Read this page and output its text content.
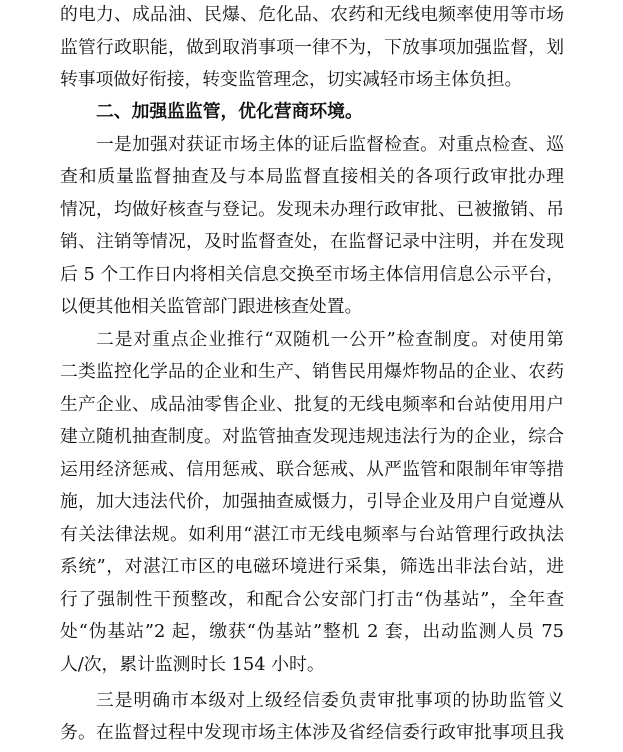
的电力、成品油、民爆、危化品、农药和无线电频率使用等市场
监管行政职能，做到取消事项一律不为，下放事项加强监督，划
转事项做好衔接，转变监管理念，切实减轻市场主体负担。
二、加强监监管，优化营商环境。
一是加强对获证市场主体的证后监督检查。对重点检查、巡
查和质量监督抽查及与本局监督直接相关的各项行政审批办理
情况，均做好核查与登记。发现未办理行政审批、已被撤销、吊
销、注销等情况，及时监督查处，在监督记录中注明，并在发现
后 5 个工作日内将相关信息交换至市场主体信用信息公示平台，
以便其他相关监管部门跟进核查处置。
二是对重点企业推行“双随机一公开”检查制度。对使用第
二类监控化学品的企业和生产、销售民用爆炸物品的企业、农药
生产企业、成品油零售企业、批复的无线电频率和台站使用用户
建立随机抽查制度。对监管抽查发现违规违法行为的企业，综合
运用经济惩戒、信用惩戒、联合惩戒、从严监管和限制年审等措
施，加大违法代价，加强抽查威慑力，引导企业及用户自觉遵从
有关法律法规。如利用“湛江市无线电频率与台站管理行政执法
系统”，对湛江市区的电磁环境进行采集，筛选出非法台站，进
行了强制性干预整改，和配合公安部门打击“伪基站”，全年查
处“伪基站”2 起，缴获“伪基站”整机 2 套，出动监测人员 75
人/次，累计监测时长 154 小时。
三是明确市本级对上级经信委负责审批事项的协助监管义
务。在监督过程中发现市场主体涉及省经信委行政审批事项且我
